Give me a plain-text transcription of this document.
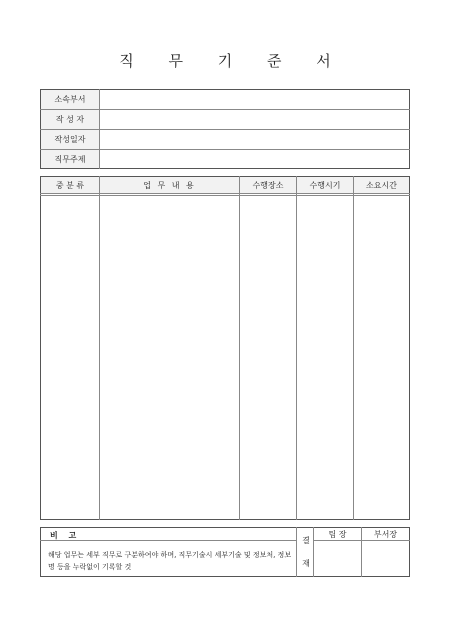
직 무 기 준 서
소속부서
작 성 자
작성일자
직무주제
중 분 류	업 무 내 용	수행장소	수행시기	소요시간
비 고
해당 업무는 세부 직무로 구분하여야 하며, 직무기술시 세부기술 및 정보처, 정보명 등을 누락없이 기록할 것
결
재
팀 장	부서장
